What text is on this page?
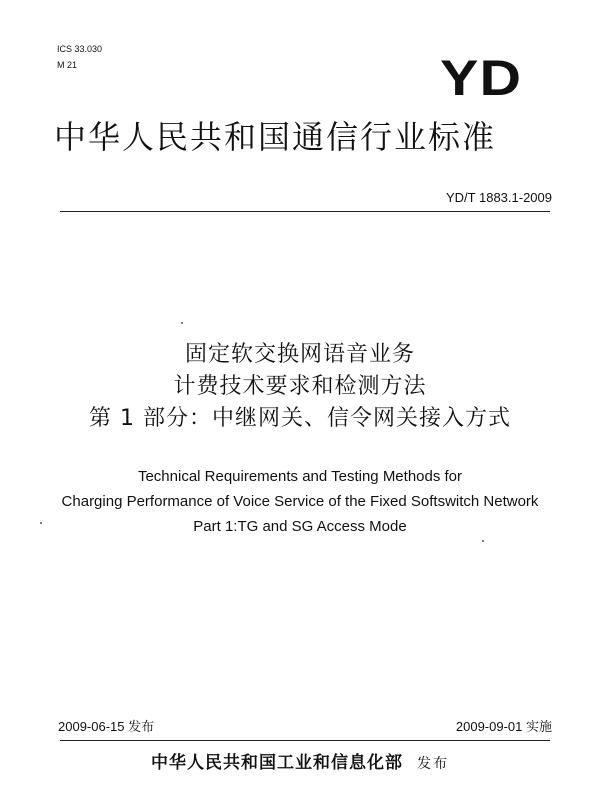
ICS 33.030
M 21	YD
中华人民共和国通信行业标准
YD/T 1883.1-2009
固定软交换网语音业务
计费技术要求和检测方法
第 1 部分：中继网关、信令网关接入方式
Technical Requirements and Testing Methods for
Charging Performance of Voice Service of the Fixed Softswitch Network
Part 1:TG and SG Access Mode
2009-06-15 发布	2009-09-01 实施
中华人民共和国工业和信息化部 发布
